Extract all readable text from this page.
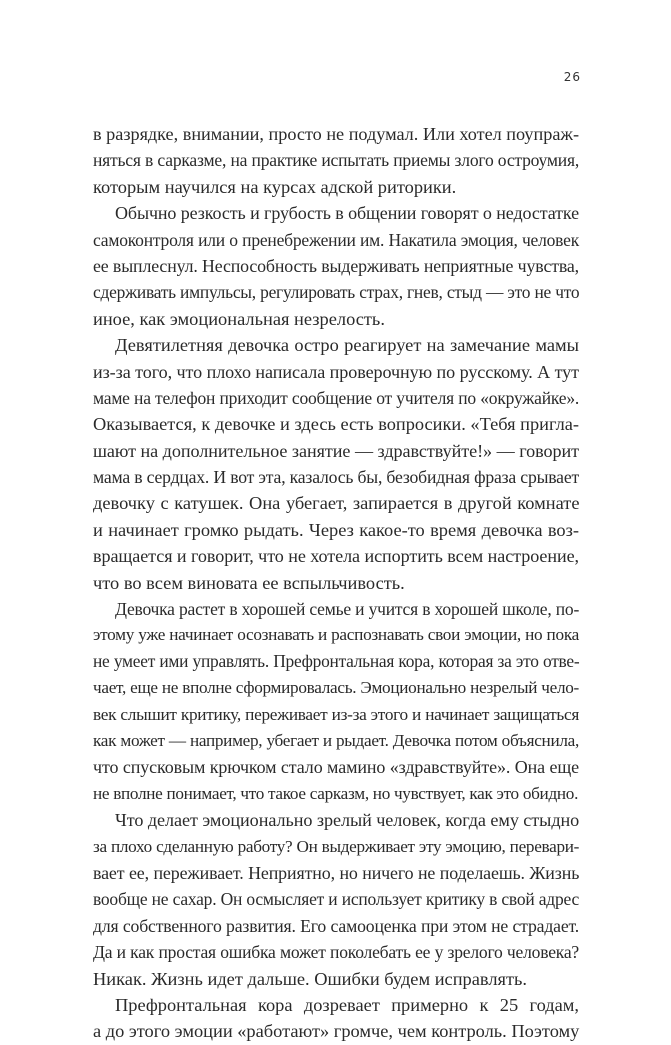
26
в разрядке, внимании, просто не подумал. Или хотел поупраж-
няться в сарказме, на практике испытать приемы злого остроумия,
которым научился на курсах адской риторики.
Обычно резкость и грубость в общении говорят о недостатке
самоконтроля или о пренебрежении им. Накатила эмоция, человек
ее выплеснул. Неспособность выдерживать неприятные чувства,
сдерживать импульсы, регулировать страх, гнев, стыд — это не что
иное, как эмоциональная незрелость.
Девятилетняя девочка остро реагирует на замечание мамы
из-за того, что плохо написала проверочную по русскому. А тут
маме на телефон приходит сообщение от учителя по «окружайке».
Оказывается, к девочке и здесь есть вопросики. «Тебя пригла-
шают на дополнительное занятие — здравствуйте!» — говорит
мама в сердцах. И вот эта, казалось бы, безобидная фраза срывает
девочку с катушек. Она убегает, запирается в другой комнате
и начинает громко рыдать. Через какое-то время девочка воз-
вращается и говорит, что не хотела испортить всем настроение,
что во всем виновата ее вспыльчивость.
Девочка растет в хорошей семье и учится в хорошей школе, по-
этому уже начинает осознавать и распознавать свои эмоции, но пока
не умеет ими управлять. Префронтальная кора, которая за это отве-
чает, еще не вполне сформировалась. Эмоционально незрелый чело-
век слышит критику, переживает из-за этого и начинает защищаться
как может — например, убегает и рыдает. Девочка потом объяснила,
что спусковым крючком стало мамино «здравствуйте». Она еще
не вполне понимает, что такое сарказм, но чувствует, как это обидно.
Что делает эмоционально зрелый человек, когда ему стыдно
за плохо сделанную работу? Он выдерживает эту эмоцию, перевари-
вает ее, переживает. Неприятно, но ничего не поделаешь. Жизнь
вообще не сахар. Он осмысляет и использует критику в свой адрес
для собственного развития. Его самооценка при этом не страдает.
Да и как простая ошибка может поколебать ее у зрелого человека?
Никак. Жизнь идет дальше. Ошибки будем исправлять.
Префронтальная кора дозревает примерно к 25 годам,
а до этого эмоции «работают» громче, чем контроль. Поэтому
